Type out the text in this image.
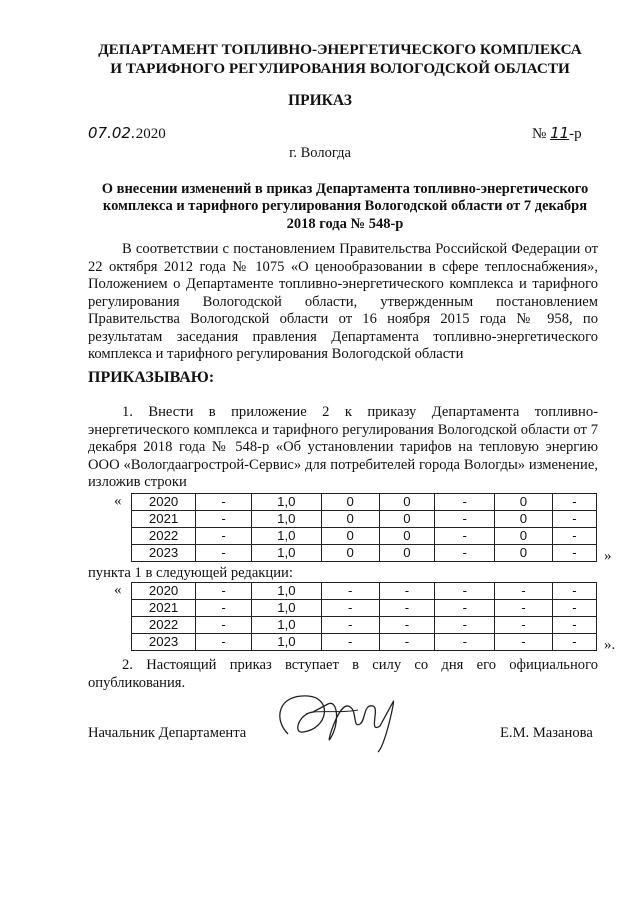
ДЕПАРТАМЕНТ ТОПЛИВНО-ЭНЕРГЕТИЧЕСКОГО КОМПЛЕКСА
И ТАРИФНОГО РЕГУЛИРОВАНИЯ ВОЛОГОДСКОЙ ОБЛАСТИ
ПРИКАЗ
07.02.2020	№ 11-р
г. Вологда
О внесении изменений в приказ Департамента топливно-энергетического комплекса и тарифного регулирования Вологодской области от 7 декабря 2018 года № 548-р
В соответствии с постановлением Правительства Российской Федерации от 22 октября 2012 года № 1075 «О ценообразовании в сфере теплоснабжения», Положением о Департаменте топливно-энергетического комплекса и тарифного регулирования Вологодской области, утвержденным постановлением Правительства Вологодской области от 16 ноября 2015 года № 958, по результатам заседания правления Департамента топливно-энергетического комплекса и тарифного регулирования Вологодской области
ПРИКАЗЫВАЮ:
1. Внести в приложение 2 к приказу Департамента топливно-энергетического комплекса и тарифного регулирования Вологодской области от 7 декабря 2018 года № 548-р «Об установлении тарифов на тепловую энергию ООО «Вологдаагрострой-Сервис» для потребителей города Вологды» изменение, изложив строки
« 2020	-	1,0	0	0	-	0	-
2021	-	1,0	0	0	-	0	-
2022	-	1,0	0	0	-	0	-
2023	-	1,0	0	0	-	0	- »
пункта 1 в следующей редакции:
« 2020	-	1,0	-	-	-	-	-
2021	-	1,0	-	-	-	-	-
2022	-	1,0	-	-	-	-	-
2023	-	1,0	-	-	-	-	- ».
2. Настоящий приказ вступает в силу со дня его официального опубликования.
Начальник Департамента	Е.М. Мазанова
